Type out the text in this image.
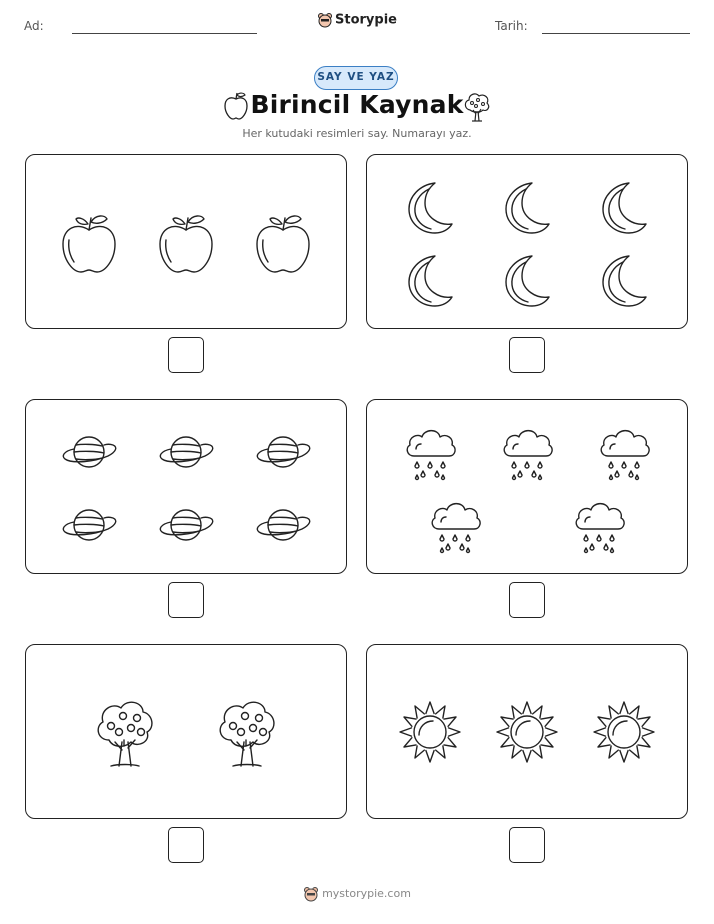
Ad:	Storypie	Tarih:
SAY VE YAZ
Birincil Kaynak
Her kutudaki resimleri say. Numarayı yaz.
mystorypie.com
